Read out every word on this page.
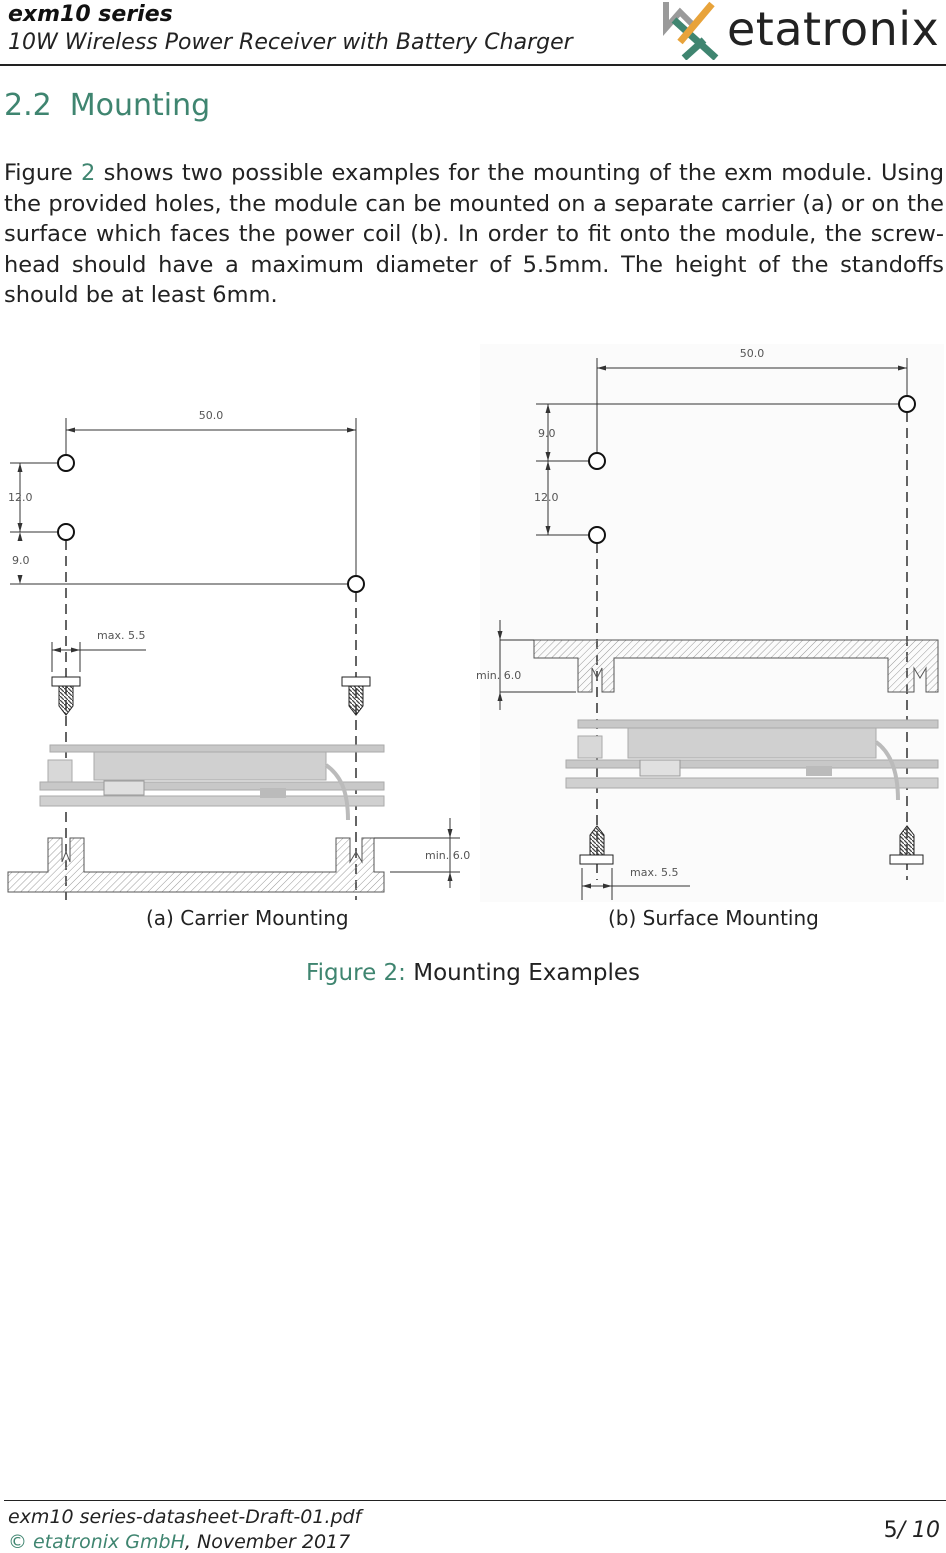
exm10 series
10W Wireless Power Receiver with Battery Charger	etatronix
2.2 Mounting
Figure 2 shows two possible examples for the mounting of the exm module. Using the provided holes, the module can be mounted on a separate carrier (a) or on the surface which faces the power coil (b). In order to fit onto the module, the screw-head should have a maximum diameter of 5.5mm. The height of the standoffs should be at least 6mm.
50.0
12.0
9.0
max. 5.5
min. 6.0
50.0
9.0
12.0
min. 6.0
max. 5.5
(a) Carrier Mounting	(b) Surface Mounting
Figure 2: Mounting Examples
exm10 series-datasheet-Draft-01.pdf
© etatronix GmbH, November 2017	5/ 10
